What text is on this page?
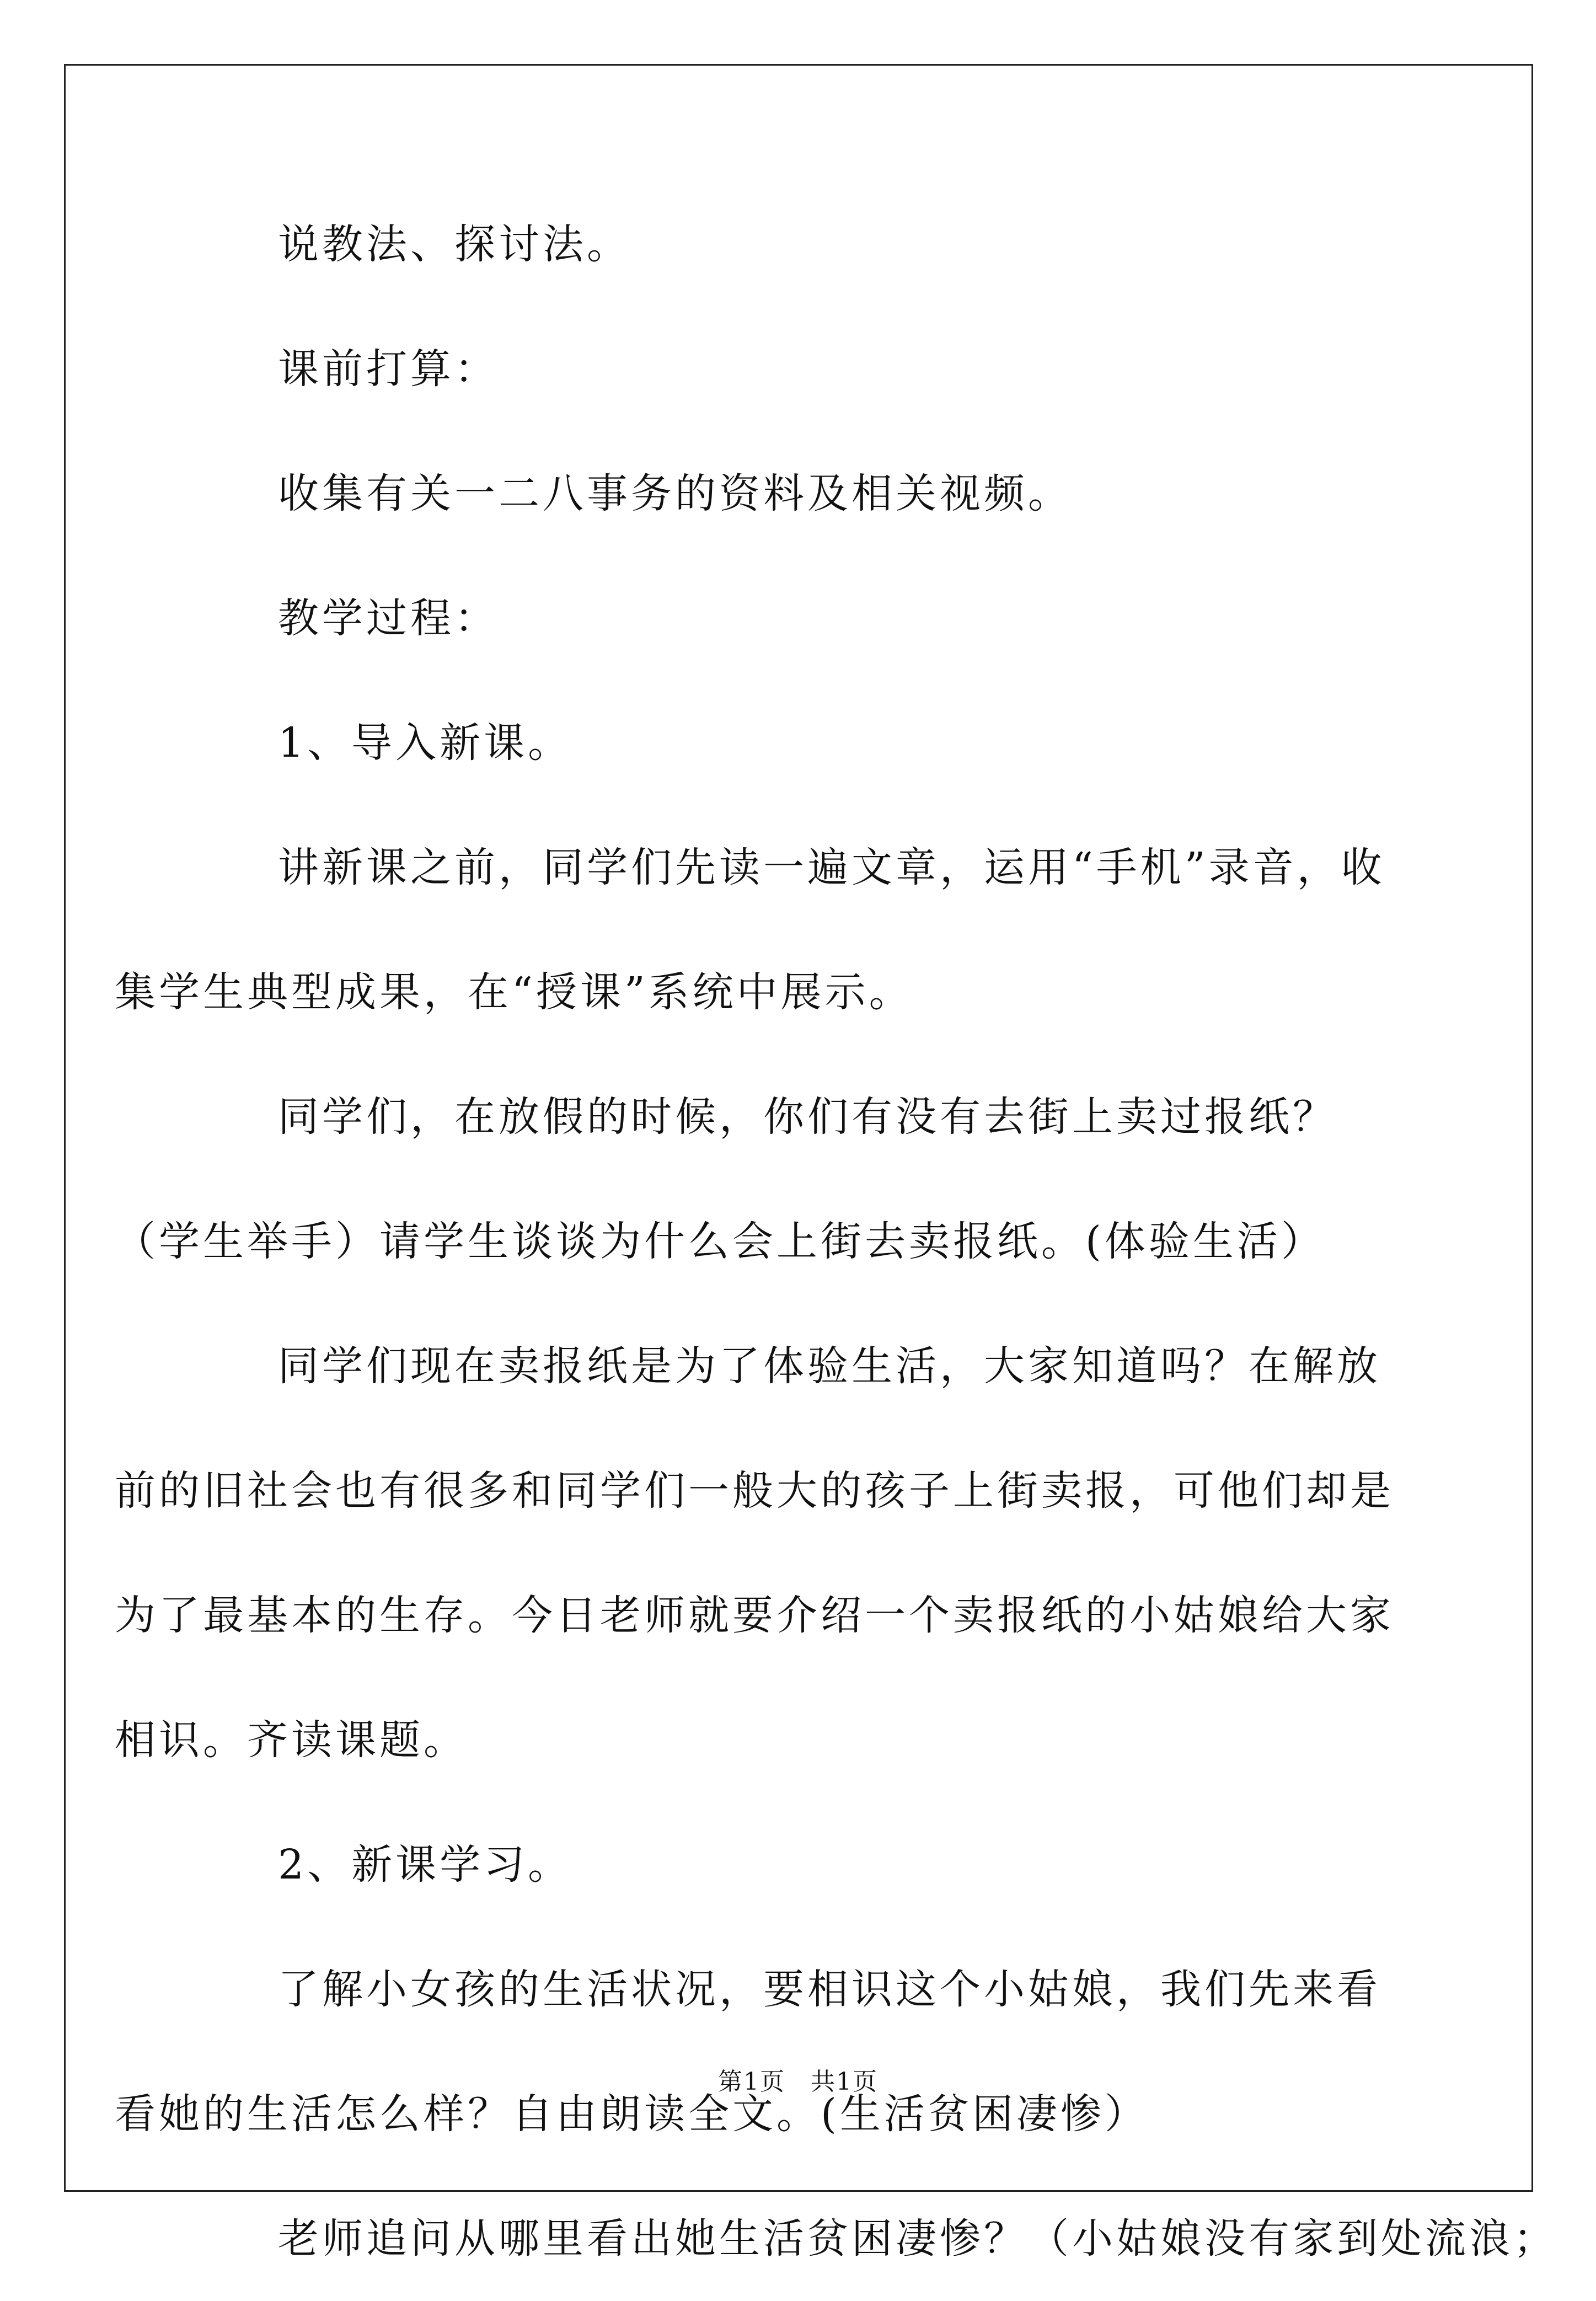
说教法、探讨法。

课前打算：

收集有关一二八事务的资料及相关视频。

教学过程：

1、导入新课。

讲新课之前，同学们先读一遍文章，运用“手机”录音，收集学生典型成果，在“授课”系统中展示。

同学们，在放假的时候，你们有没有去街上卖过报纸？（学生举手）请学生谈谈为什么会上街去卖报纸。(体验生活）

同学们现在卖报纸是为了体验生活，大家知道吗？在解放前的旧社会也有很多和同学们一般大的孩子上街卖报，可他们却是为了最基本的生存。今日老师就要介绍一个卖报纸的小姑娘给大家相识。齐读课题。

2、新课学习。

了解小女孩的生活状况，要相识这个小姑娘，我们先来看看她的生活怎么样？自由朗读全文。(生活贫困凄惨）

老师追问从哪里看出她生活贫困凄惨？（小姑娘没有家到处流浪；

第1页　共1页
